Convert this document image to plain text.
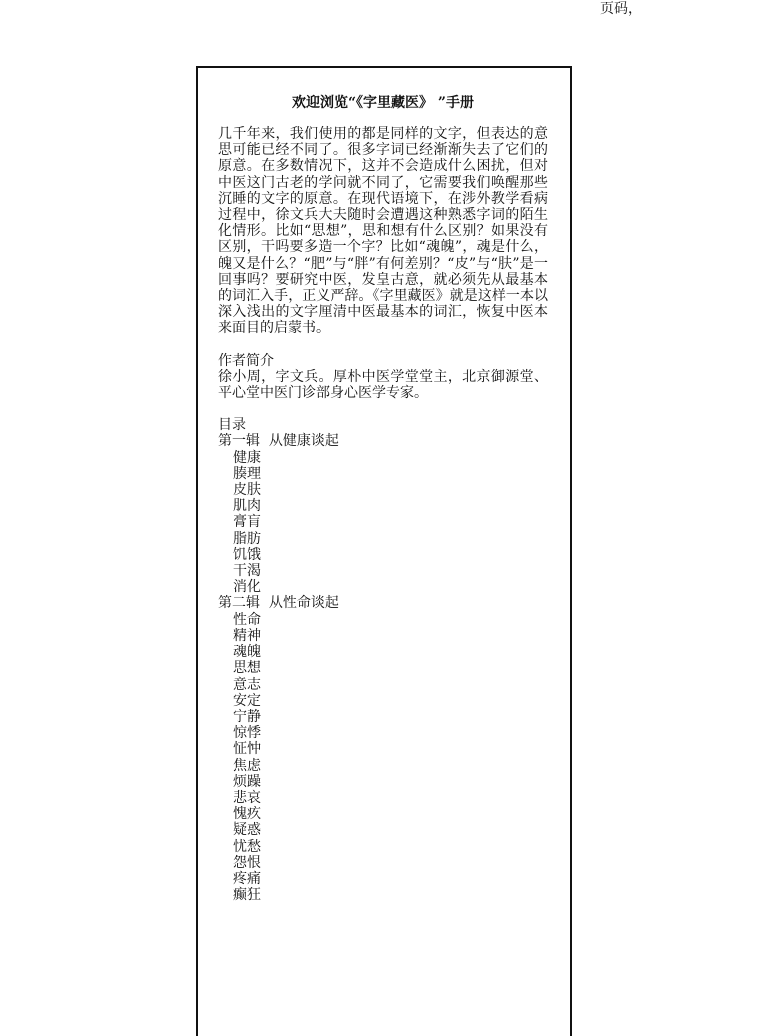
页码，
欢迎浏览“《字里藏医》 ”手册

几千年来，我们使用的都是同样的文字，但表达的意思可能已经不同了。很多字词已经渐渐失去了它们的原意。在多数情况下，这并不会造成什么困扰，但对中医这门古老的学问就不同了，它需要我们唤醒那些沉睡的文字的原意。在现代语境下，在涉外教学看病过程中，徐文兵大夫随时会遭遇这种熟悉字词的陌生化情形。比如“思想”，思和想有什么区别？如果没有区别，干吗要多造一个字？比如“魂魄”，魂是什么，魄又是什么？“肥”与“胖”有何差别？“皮”与“肤”是一回事吗？要研究中医，发皇古意，就必须先从最基本的词汇入手，正义严辞。《字里藏医》就是这样一本以深入浅出的文字厘清中医最基本的词汇，恢复中医本来面目的启蒙书。

作者简介

徐小周，字文兵。厚朴中医学堂堂主，北京御源堂、平心堂中医门诊部身心医学专家。

目录
第一辑  从健康谈起
健康
腠理
皮肤
肌肉
膏肓
脂肪
饥饿
干渴
消化
第二辑  从性命谈起
性命
精神
魂魄
思想
意志
安定
宁静
惊悸
怔忡
焦虑
烦躁
悲哀
愧疚
疑惑
忧愁
怨恨
疼痛
癫狂
